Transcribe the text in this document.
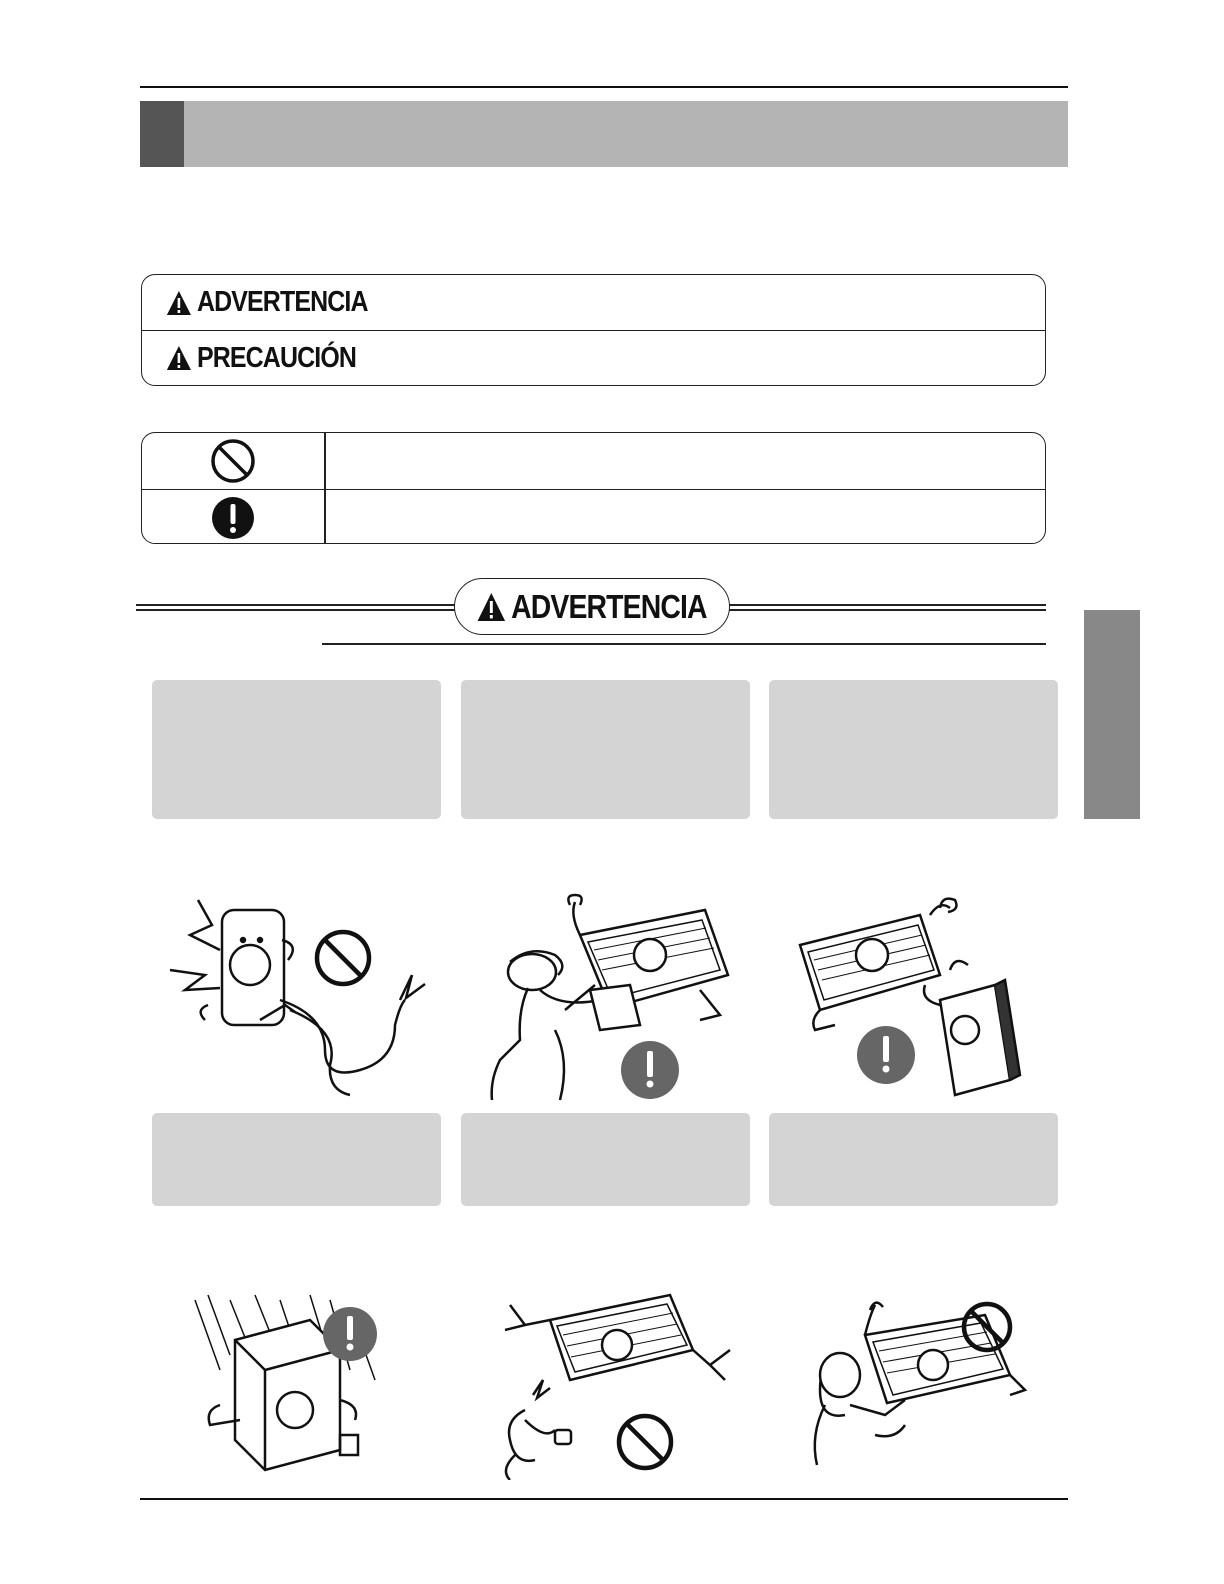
ADVERTENCIA
PRECAUCIÓN
ADVERTENCIA
